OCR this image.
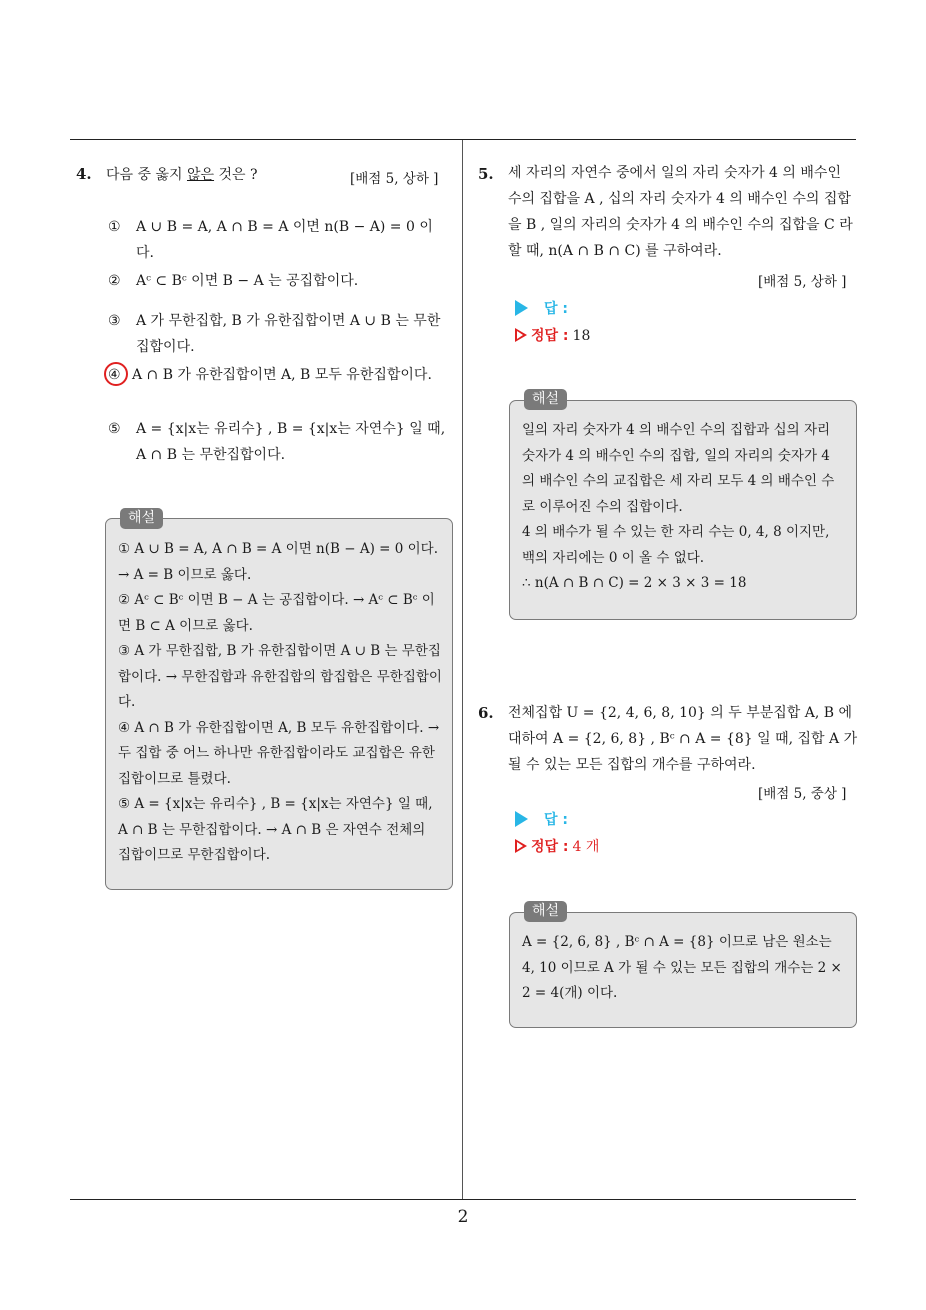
2
4. 다음 중 옳지 않은 것은 ?	[배점 5, 상하 ]
① A ∪ B = A, A ∩ B = A 이면 n(B − A) = 0 이다.
② Aᶜ ⊂ Bᶜ 이면 B − A 는 공집합이다.
③ A 가 무한집합, B 가 유한집합이면 A ∪ B 는 무한집합이다.
④ A ∩ B 가 유한집합이면 A, B 모두 유한집합이다.
⑤ A = {x|x는 유리수} , B = {x|x는 자연수} 일 때, A ∩ B 는 무한집합이다.
① A ∪ B = A, A ∩ B = A 이면 n(B − A) = 0 이다. → A = B 이므로 옳다.
② Aᶜ ⊂ Bᶜ 이면 B − A 는 공집합이다. → Aᶜ ⊂ Bᶜ 이면 B ⊂ A 이므로 옳다.
③ A 가 무한집합, B 가 유한집합이면 A ∪ B 는 무한집합이다. → 무한집합과 유한집합의 합집합은 무한집합이다.
④ A ∩ B 가 유한집합이면 A, B 모두 유한집합이다. → 두 집합 중 어느 하나만 유한집합이라도 교집합은 유한집합이므로 틀렸다.
⑤ A = {x|x는 유리수} , B = {x|x는 자연수} 일 때, A ∩ B 는 무한집합이다. → A ∩ B 은 자연수 전체의 집합이므로 무한집합이다.
해설
5. 세 자리의 자연수 중에서 일의 자리 숫자가 4 의 배수인 수의 집합을 A , 십의 자리 숫자가 4 의 배수인 수의 집합을 B , 일의 자리의 숫자가 4 의 배수인 수의 집합을 C 라 할 때, n(A ∩ B ∩ C) 를 구하여라.
[배점 5, 상하 ]
답 :
정답 : 18
일의 자리 숫자가 4 의 배수인 수의 집합과 십의 자리 숫자가 4 의 배수인 수의 집합, 일의 자리의 숫자가 4 의 배수인 수의 교집합은 세 자리 모두 4 의 배수인 수로 이루어진 수의 집합이다.
4 의 배수가 될 수 있는 한 자리 수는 0, 4, 8 이지만, 백의 자리에는 0 이 올 수 없다.
∴ n(A ∩ B ∩ C) = 2 × 3 × 3 = 18
해설
6. 전체집합 U = {2, 4, 6, 8, 10} 의 두 부분집합 A, B 에 대하여 A = {2, 6, 8} , Bᶜ ∩ A = {8} 일 때, 집합 A 가 될 수 있는 모든 집합의 개수를 구하여라.
[배점 5, 중상 ]
답 :
정답 : 4 개
A = {2, 6, 8} , Bᶜ ∩ A = {8} 이므로 남은 원소는 4, 10 이므로 A 가 될 수 있는 모든 집합의 개수는 2 × 2 = 4(개) 이다.
해설
